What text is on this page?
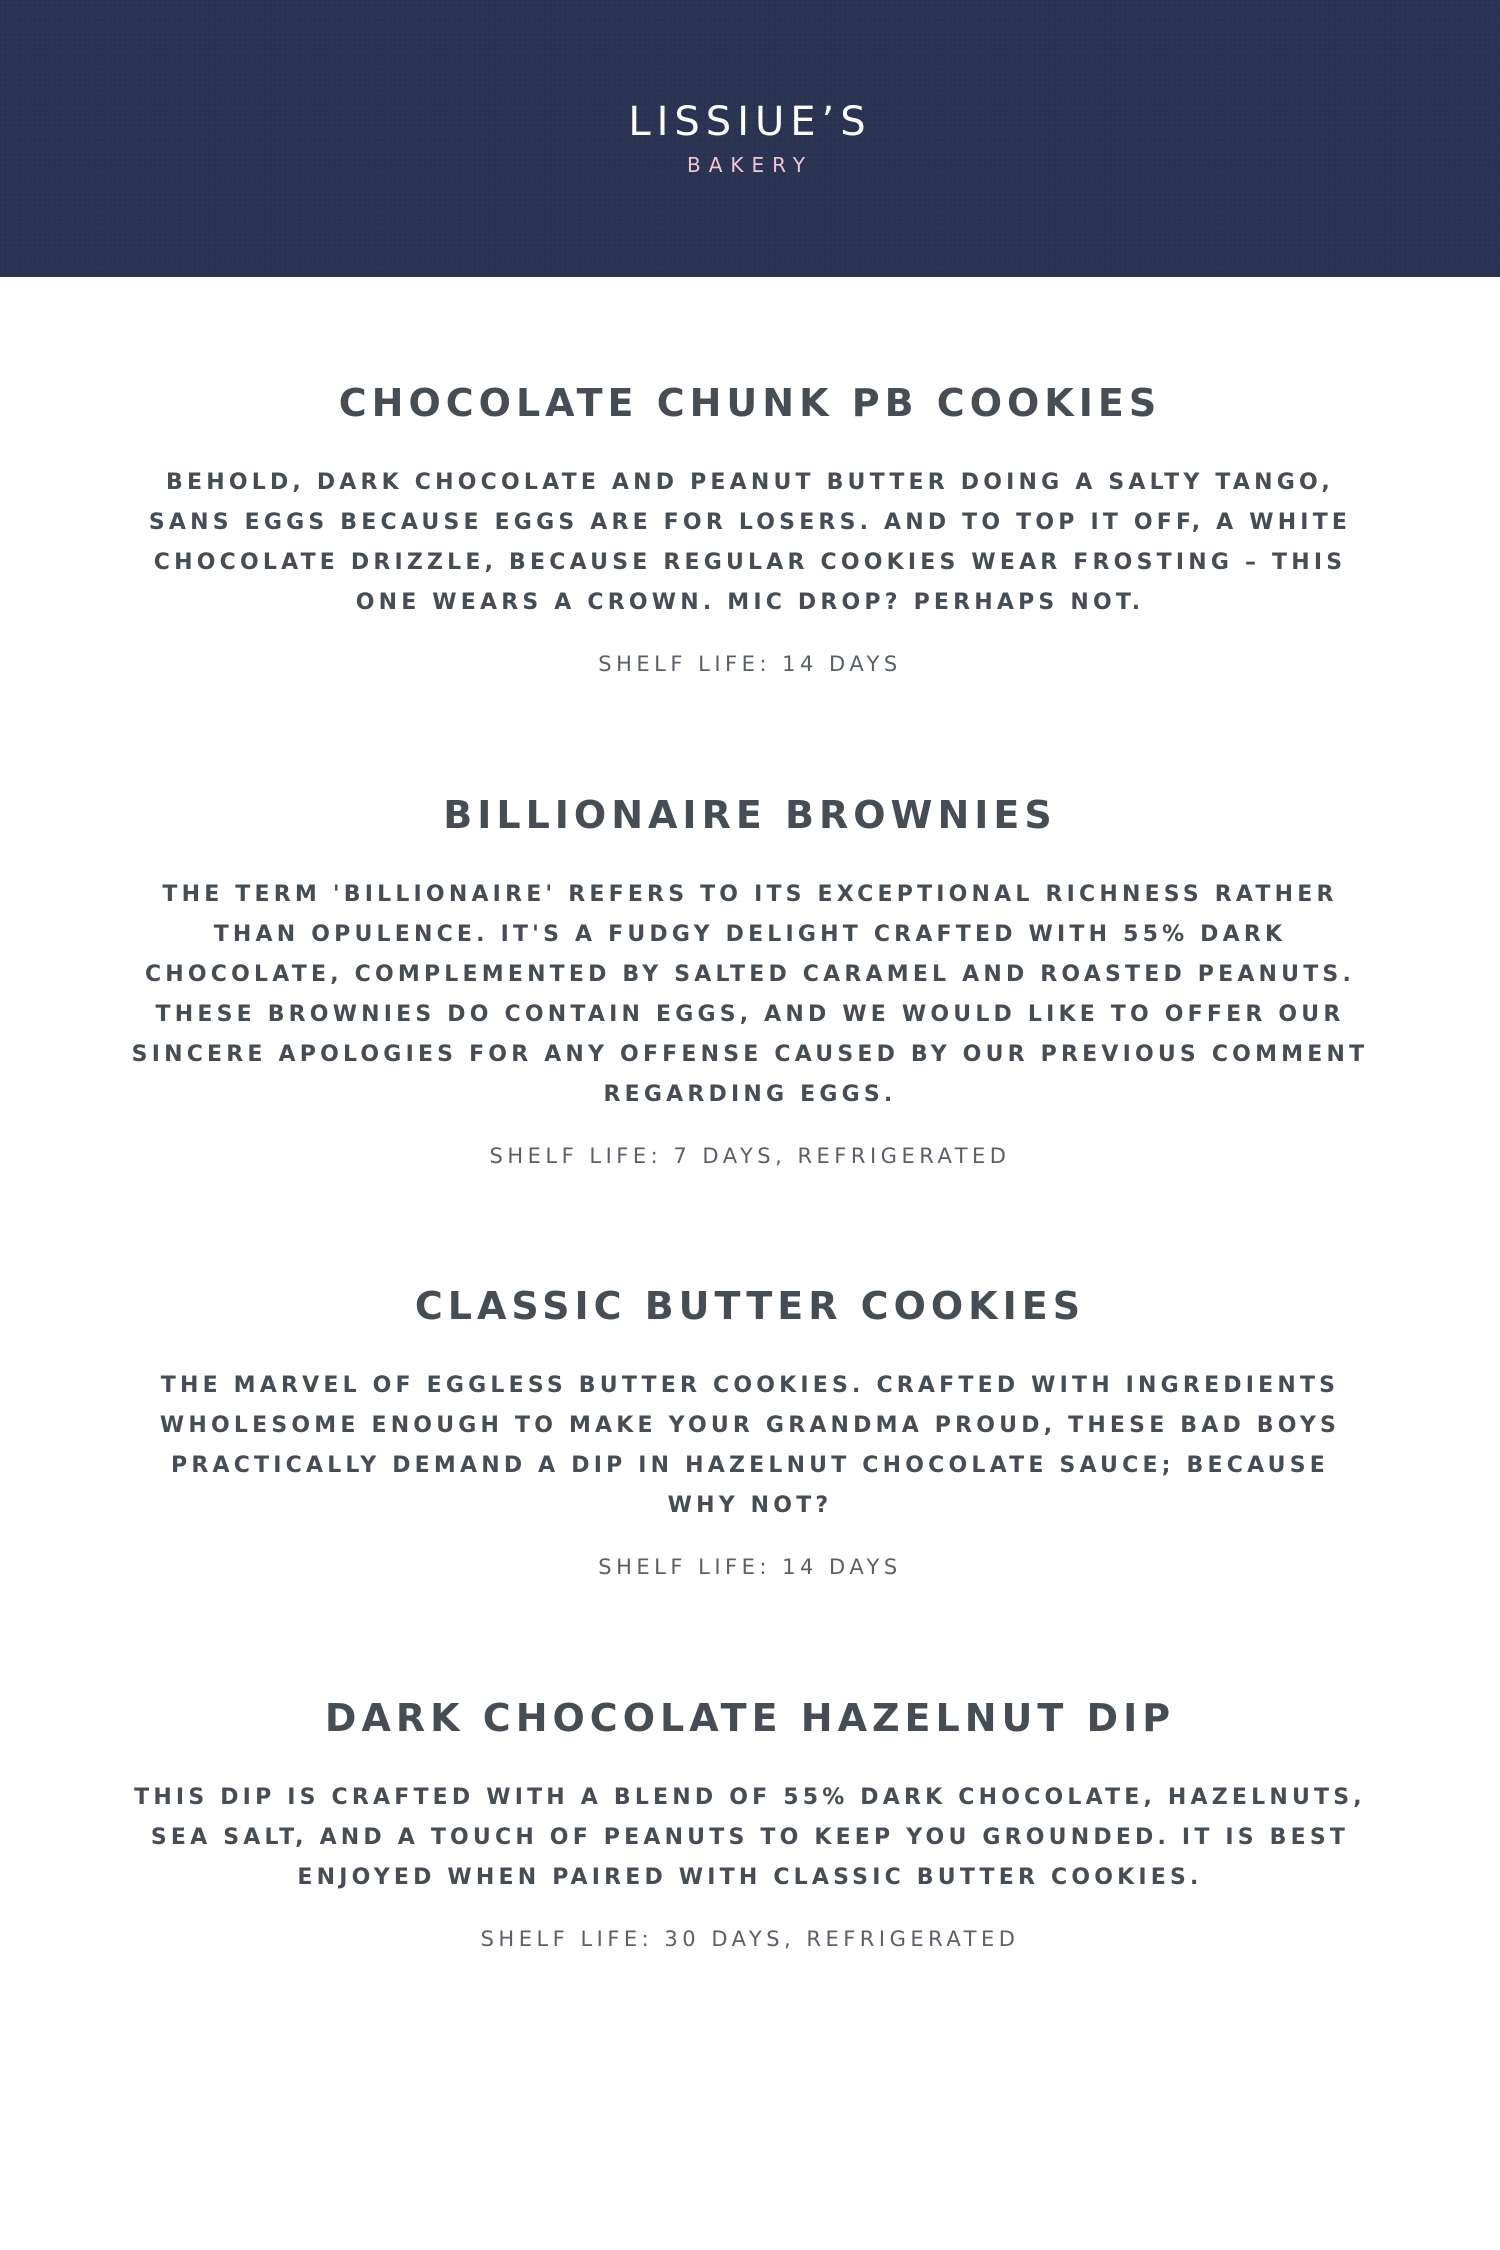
LISSIUE’S
BAKERY
CHOCOLATE CHUNK PB COOKIES

BEHOLD, DARK CHOCOLATE AND PEANUT BUTTER DOING A SALTY TANGO, SANS EGGS BECAUSE EGGS ARE FOR LOSERS. AND TO TOP IT OFF, A WHITE CHOCOLATE DRIZZLE, BECAUSE REGULAR COOKIES WEAR FROSTING – THIS ONE WEARS A CROWN. MIC DROP? PERHAPS NOT.

SHELF LIFE: 14 DAYS

BILLIONAIRE BROWNIES

THE TERM 'BILLIONAIRE' REFERS TO ITS EXCEPTIONAL RICHNESS RATHER THAN OPULENCE. IT'S A FUDGY DELIGHT CRAFTED WITH 55% DARK CHOCOLATE, COMPLEMENTED BY SALTED CARAMEL AND ROASTED PEANUTS. THESE BROWNIES DO CONTAIN EGGS, AND WE WOULD LIKE TO OFFER OUR SINCERE APOLOGIES FOR ANY OFFENSE CAUSED BY OUR PREVIOUS COMMENT REGARDING EGGS.

SHELF LIFE: 7 DAYS, REFRIGERATED

CLASSIC BUTTER COOKIES

THE MARVEL OF EGGLESS BUTTER COOKIES. CRAFTED WITH INGREDIENTS WHOLESOME ENOUGH TO MAKE YOUR GRANDMA PROUD, THESE BAD BOYS PRACTICALLY DEMAND A DIP IN HAZELNUT CHOCOLATE SAUCE; BECAUSE WHY NOT?

SHELF LIFE: 14 DAYS

DARK CHOCOLATE HAZELNUT DIP

THIS DIP IS CRAFTED WITH A BLEND OF 55% DARK CHOCOLATE, HAZELNUTS, SEA SALT, AND A TOUCH OF PEANUTS TO KEEP YOU GROUNDED. IT IS BEST ENJOYED WHEN PAIRED WITH CLASSIC BUTTER COOKIES.

SHELF LIFE: 30 DAYS, REFRIGERATED
